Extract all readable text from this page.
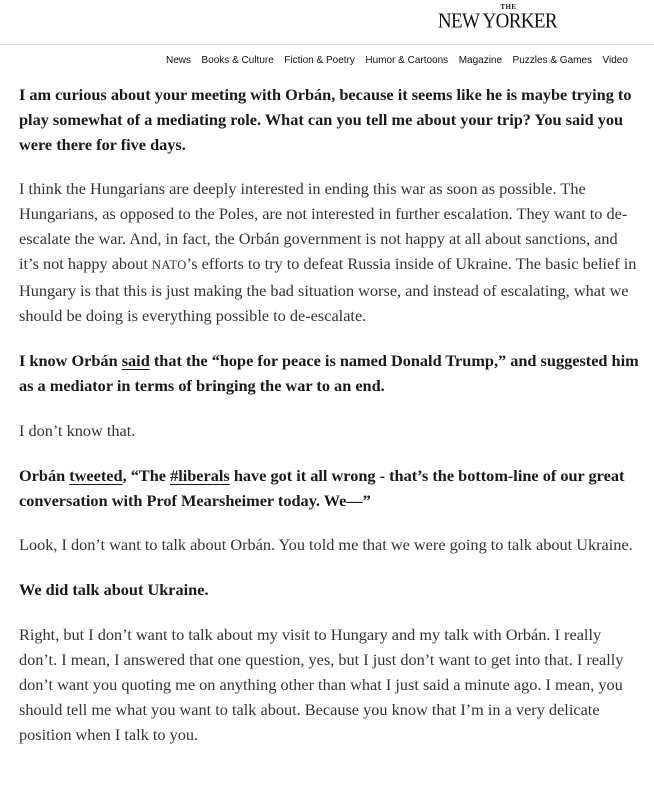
THE
NEW YORKER
News Books & Culture Fiction & Poetry Humor & Cartoons Magazine Puzzles & Games Video

I am curious about your meeting with Orbán, because it seems like he is maybe trying to play somewhat of a mediating role. What can you tell me about your trip? You said you were there for five days.

I think the Hungarians are deeply interested in ending this war as soon as possible. The Hungarians, as opposed to the Poles, are not interested in further escalation. They want to de-escalate the war. And, in fact, the Orbán government is not happy at all about sanctions, and it’s not happy about NATO’s efforts to try to defeat Russia inside of Ukraine. The basic belief in Hungary is that this is just making the bad situation worse, and instead of escalating, what we should be doing is everything possible to de-escalate.

I know Orbán said that the “hope for peace is named Donald Trump,” and suggested him as a mediator in terms of bringing the war to an end.

I don’t know that.

Orbán tweeted, “The #liberals have got it all wrong - that’s the bottom-line of our great conversation with Prof Mearsheimer today. We—”

Look, I don’t want to talk about Orbán. You told me that we were going to talk about Ukraine.

We did talk about Ukraine.

Right, but I don’t want to talk about my visit to Hungary and my talk with Orbán. I really don’t. I mean, I answered that one question, yes, but I just don’t want to get into that. I really don’t want you quoting me on anything other than what I just said a minute ago. I mean, you should tell me what you want to talk about. Because you know that I’m in a very delicate position when I talk to you.
